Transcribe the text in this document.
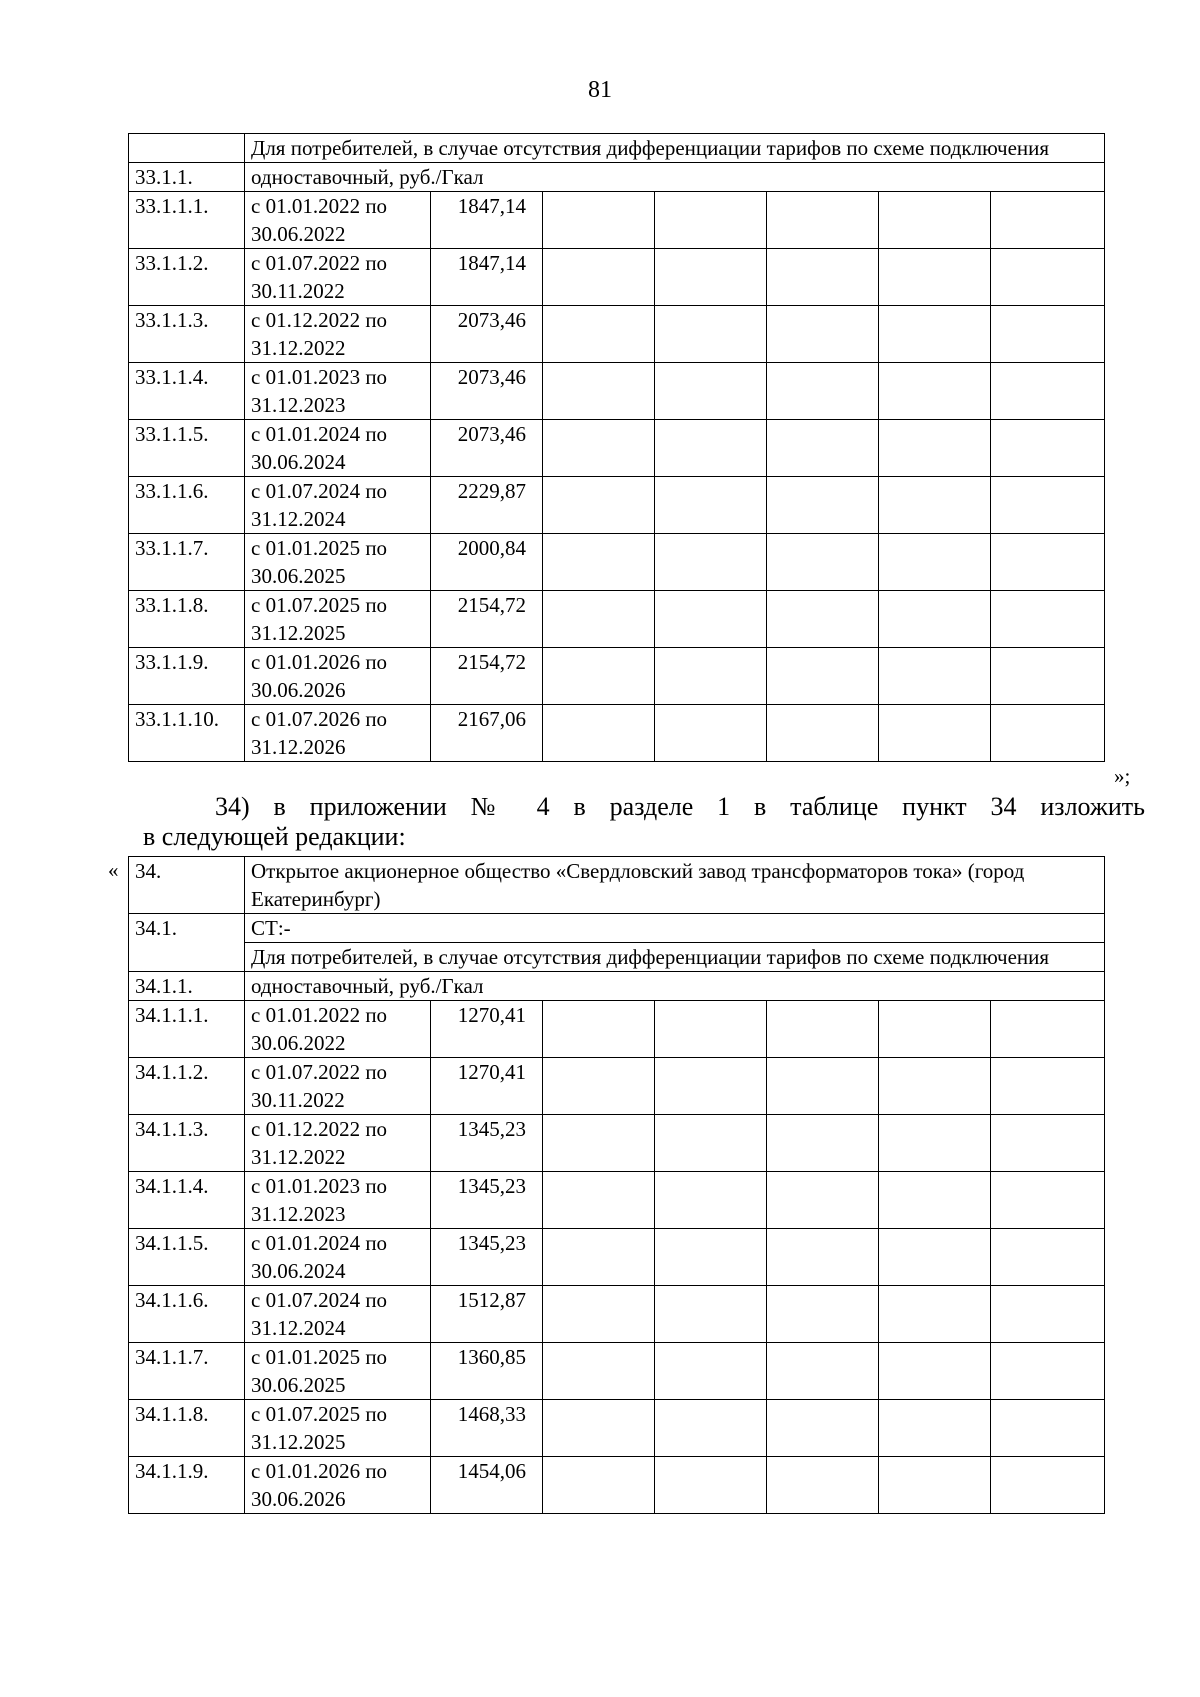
81
	Для потребителей, в случае отсутствия дифференциации тарифов по схеме подключения						
33.1.1.	одноставочный, руб./Гкал						
33.1.1.1.	с 01.01.2022 по 30.06.2022	1847,14					
33.1.1.2.	с 01.07.2022 по 30.11.2022	1847,14					
33.1.1.3.	с 01.12.2022 по 31.12.2022	2073,46					
33.1.1.4.	с 01.01.2023 по 31.12.2023	2073,46					
33.1.1.5.	с 01.01.2024 по 30.06.2024	2073,46					
33.1.1.6.	с 01.07.2024 по 31.12.2024	2229,87					
33.1.1.7.	с 01.01.2025 по 30.06.2025	2000,84					
33.1.1.8.	с 01.07.2025 по 31.12.2025	2154,72					
33.1.1.9.	с 01.01.2026 по 30.06.2026	2154,72					
33.1.1.10.	с 01.07.2026 по 31.12.2026	2167,06					
»;
34) в приложении № 4 в разделе 1 в таблице пункт 34 изложить
в следующей редакции:
« 34.	Открытое акционерное общество «Свердловский завод трансформаторов тока» (город Екатеринбург)						
34.1.	СТ:-						
	Для потребителей, в случае отсутствия дифференциации тарифов по схеме подключения						
34.1.1.	одноставочный, руб./Гкал						
34.1.1.1.	с 01.01.2022 по 30.06.2022	1270,41					
34.1.1.2.	с 01.07.2022 по 30.11.2022	1270,41					
34.1.1.3.	с 01.12.2022 по 31.12.2022	1345,23					
34.1.1.4.	с 01.01.2023 по 31.12.2023	1345,23					
34.1.1.5.	с 01.01.2024 по 30.06.2024	1345,23					
34.1.1.6.	с 01.07.2024 по 31.12.2024	1512,87					
34.1.1.7.	с 01.01.2025 по 30.06.2025	1360,85					
34.1.1.8.	с 01.07.2025 по 31.12.2025	1468,33					
34.1.1.9.	с 01.01.2026 по 30.06.2026	1454,06					
